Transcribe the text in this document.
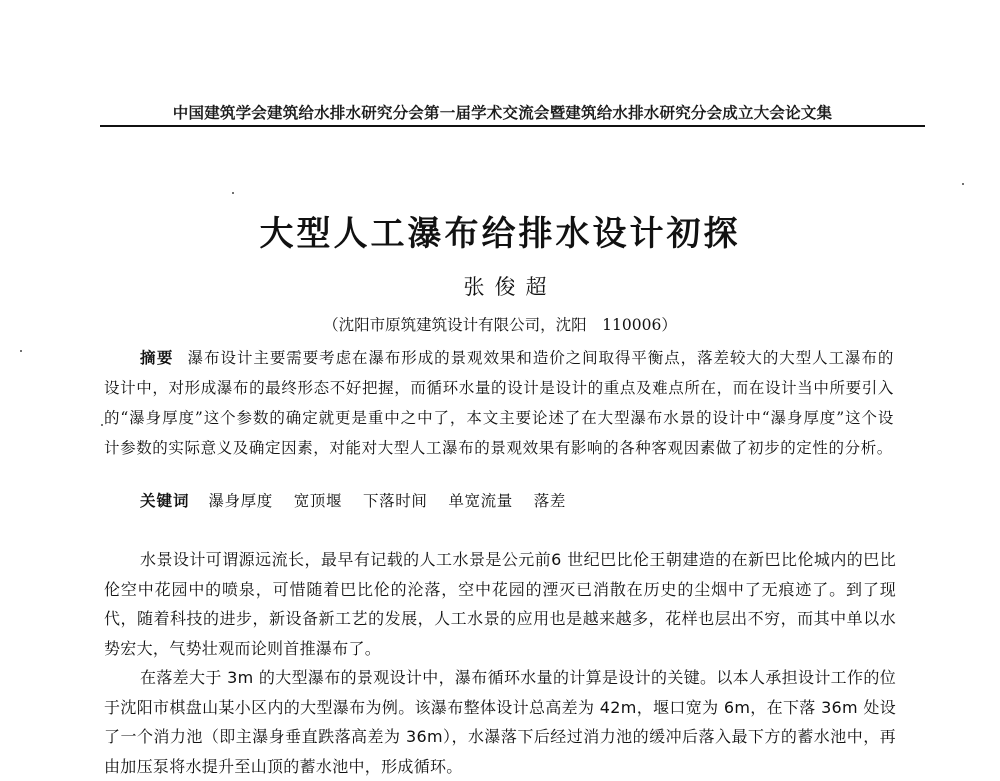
中国建筑学会建筑给水排水研究分会第一届学术交流会暨建筑给水排水研究分会成立大会论文集
大型人工瀑布给排水设计初探
张俊超
（沈阳市原筑建筑设计有限公司，沈阳　110006）
摘要 瀑布设计主要需要考虑在瀑布形成的景观效果和造价之间取得平衡点，落差较大的大型人工瀑布的设计中，对形成瀑布的最终形态不好把握，而循环水量的设计是设计的重点及难点所在，而在设计当中所要引入的“瀑身厚度”这个参数的确定就更是重中之中了，本文主要论述了在大型瀑布水景的设计中“瀑身厚度”这个设计参数的实际意义及确定因素，对能对大型人工瀑布的景观效果有影响的各种客观因素做了初步的定性的分析。
关键词 瀑身厚度 宽顶堰 下落时间 单宽流量 落差

水景设计可谓源远流长，最早有记载的人工水景是公元前6 世纪巴比伦王朝建造的在新巴比伦城内的巴比伦空中花园中的喷泉，可惜随着巴比伦的沦落，空中花园的湮灭已消散在历史的尘烟中了无痕迹了。到了现代，随着科技的进步，新设备新工艺的发展，人工水景的应用也是越来越多，花样也层出不穷，而其中单以水势宏大，气势壮观而论则首推瀑布了。

在落差大于 3m 的大型瀑布的景观设计中，瀑布循环水量的计算是设计的关键。以本人承担设计工作的位于沈阳市棋盘山某小区内的大型瀑布为例。该瀑布整体设计总高差为 42m，堰口宽为 6m，在下落 36m 处设了一个消力池（即主瀑身垂直跌落高差为 36m），水瀑落下后经过消力池的缓冲后落入最下方的蓄水池中，再由加压泵将水提升至山顶的蓄水池中，形成循环。
